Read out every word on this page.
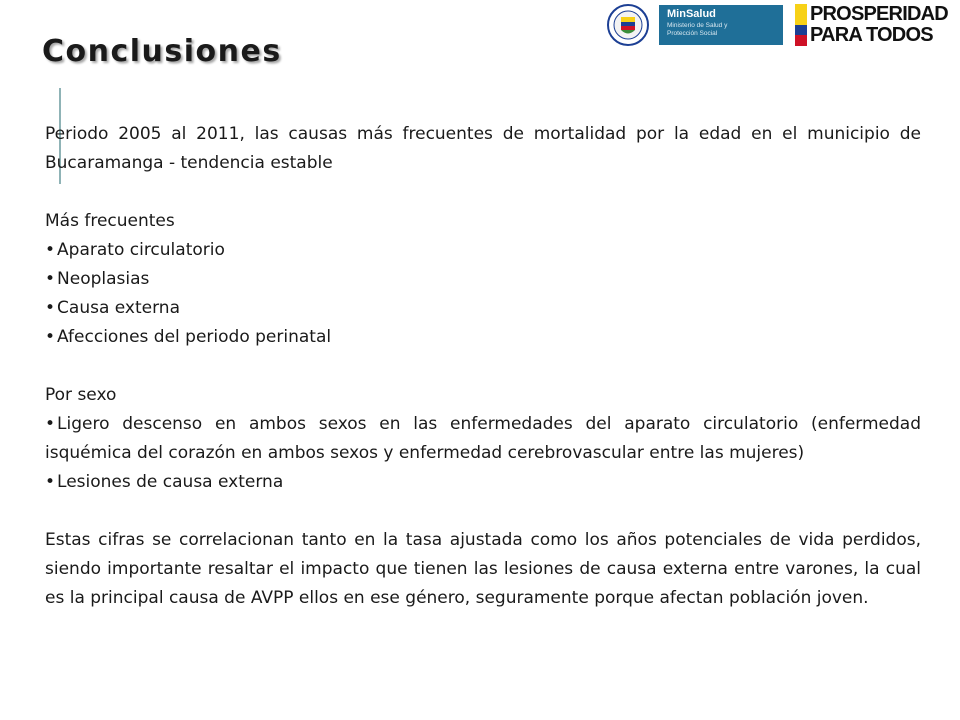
MinSalud
Ministerio de Salud y Protección Social
PROSPERIDAD
PARA TODOS
Conclusiones

Periodo 2005 al 2011, las causas más frecuentes de mortalidad por la edad en el municipio de Bucaramanga - tendencia estable

Más frecuentes

• Aparato circulatorio

• Neoplasias

• Causa externa

• Afecciones del periodo perinatal

Por sexo

• Ligero descenso en ambos sexos en las enfermedades del aparato circulatorio (enfermedad isquémica del corazón en ambos sexos y enfermedad cerebrovascular entre las mujeres)

• Lesiones de causa externa

Estas cifras se correlacionan tanto en la tasa ajustada como los años potenciales de vida perdidos, siendo importante resaltar el impacto que tienen las lesiones de causa externa entre varones, la cual es la principal causa de AVPP ellos en ese género, seguramente porque afectan población joven.
